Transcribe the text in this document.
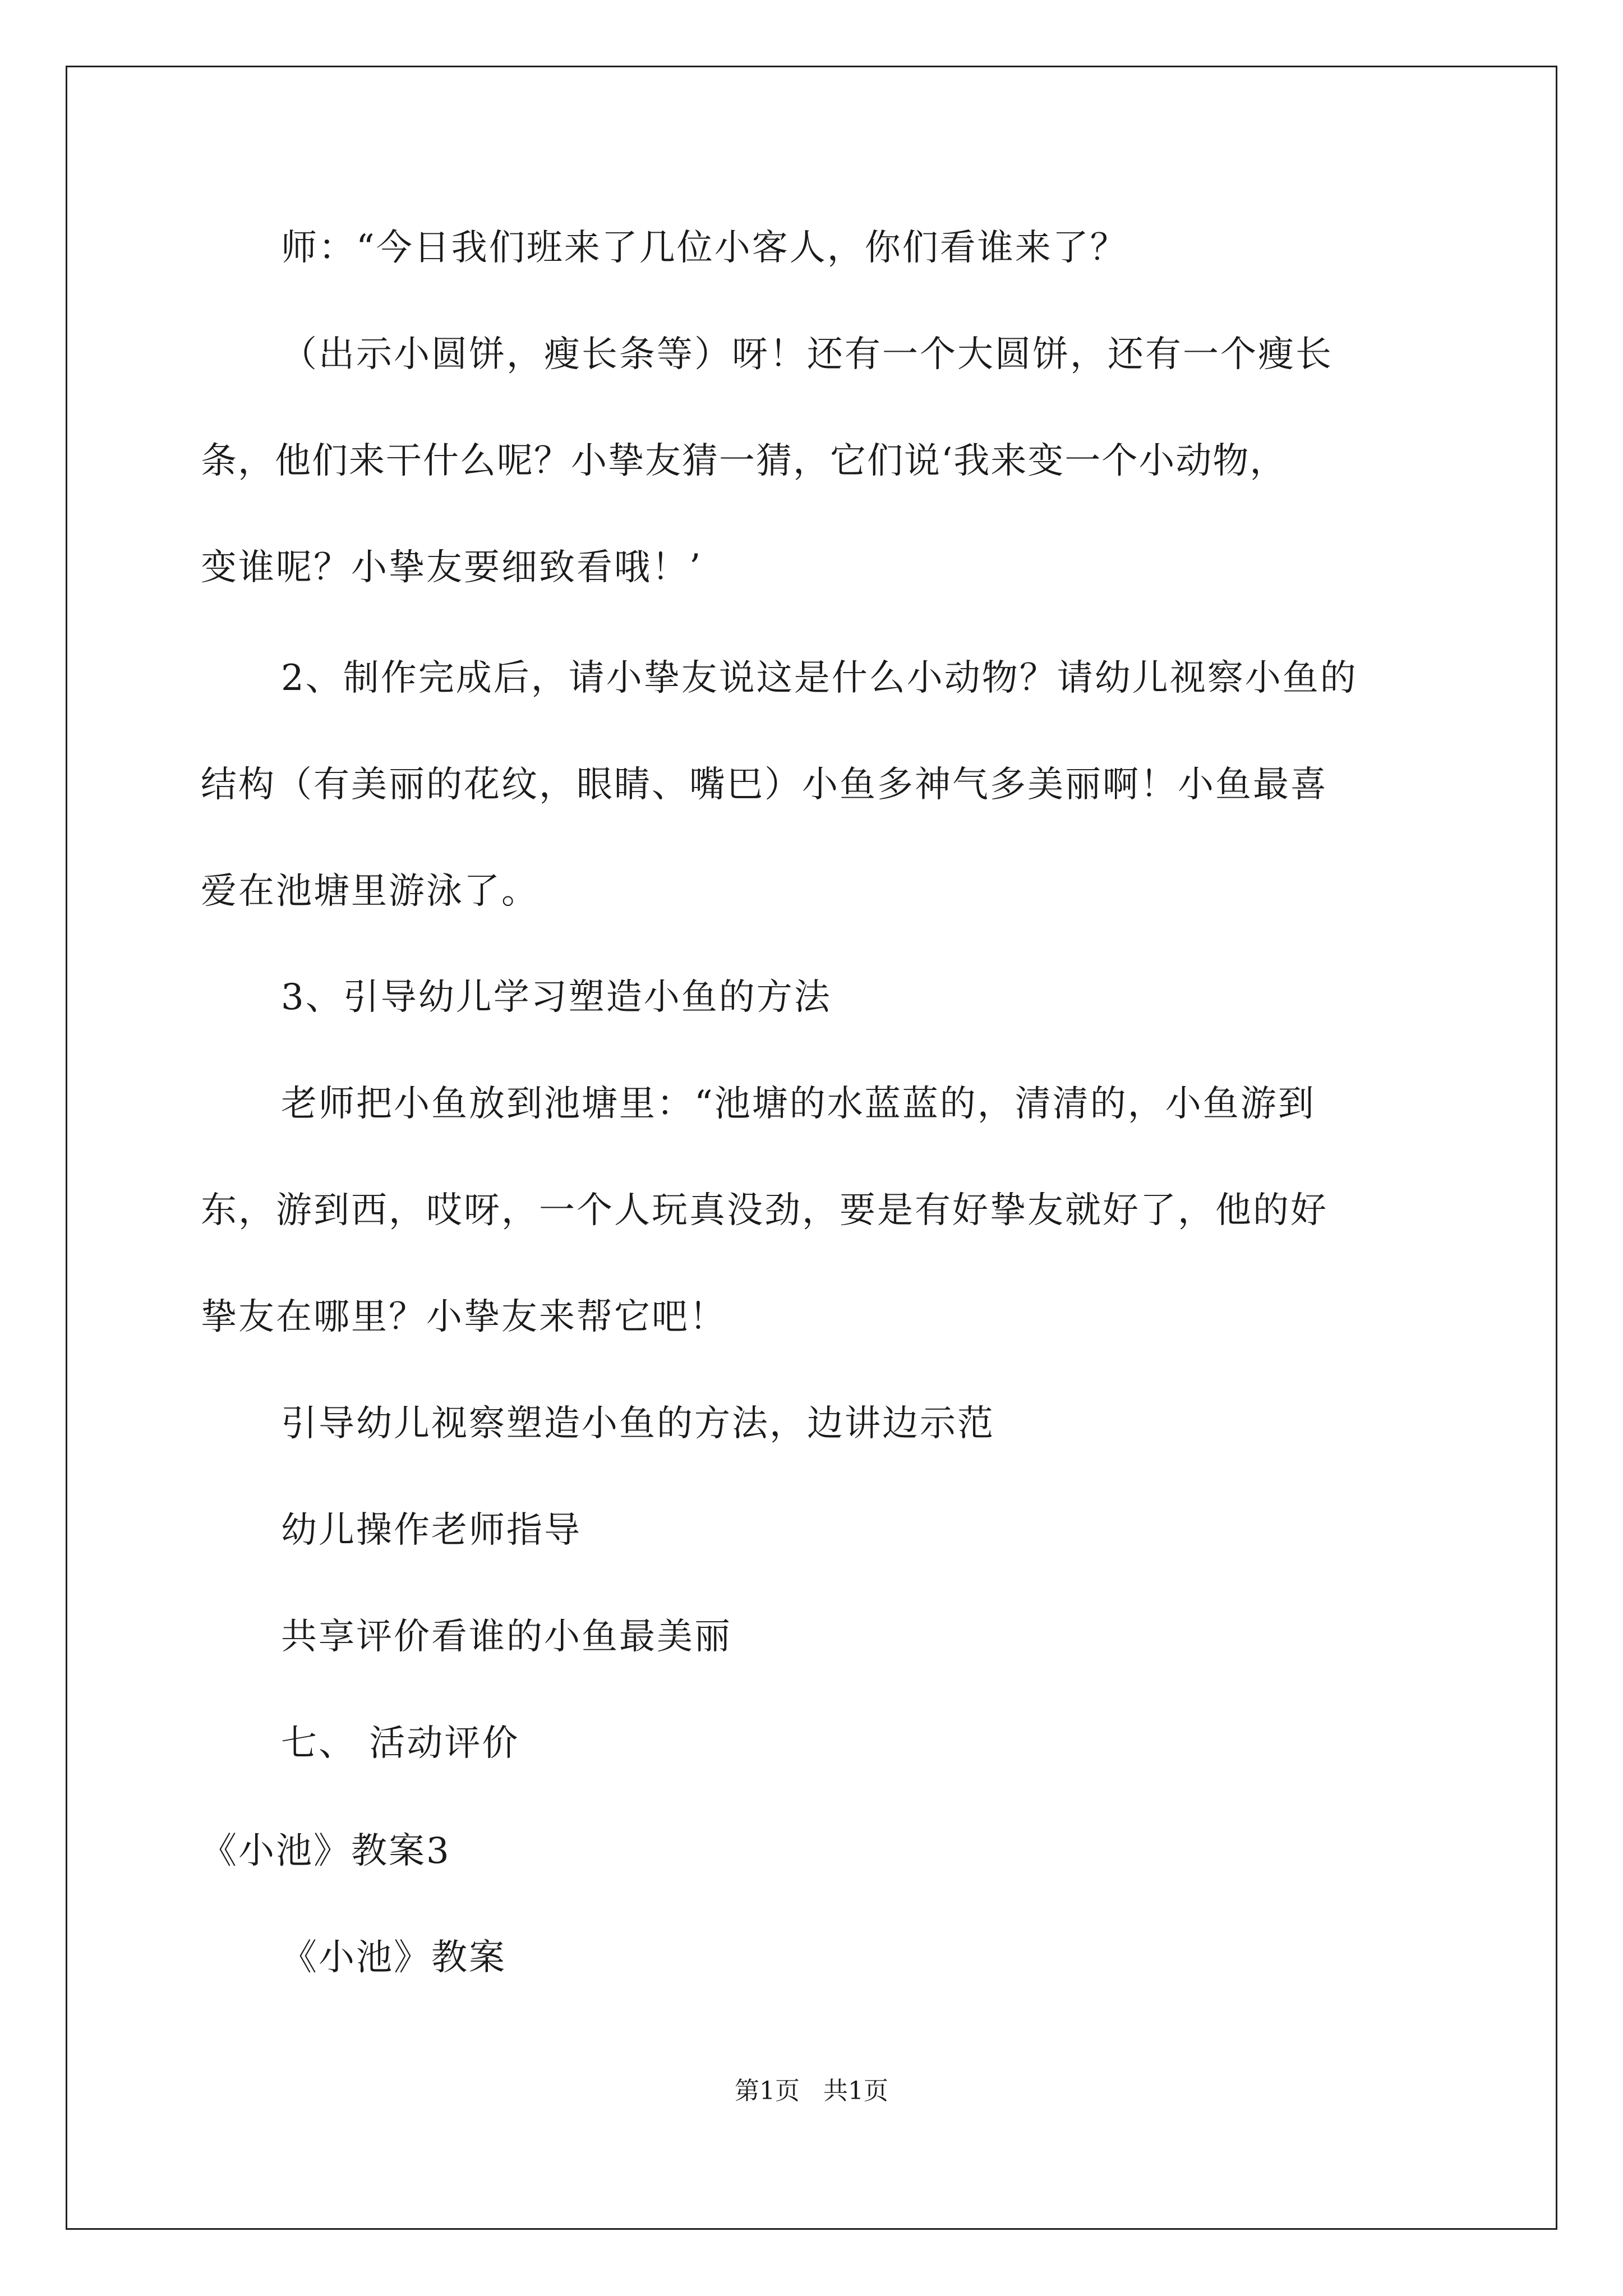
师：“今日我们班来了几位小客人，你们看谁来了？
（出示小圆饼，瘦长条等）呀！还有一个大圆饼，还有一个瘦长
条，他们来干什么呢？小挚友猜一猜，它们说‘我来变一个小动物，
变谁呢？小挚友要细致看哦！’
2、制作完成后，请小挚友说这是什么小动物？请幼儿视察小鱼的
结构（有美丽的花纹，眼睛、嘴巴）小鱼多神气多美丽啊！小鱼最喜
爱在池塘里游泳了。
3、引导幼儿学习塑造小鱼的方法
老师把小鱼放到池塘里：“池塘的水蓝蓝的，清清的，小鱼游到
东，游到西，哎呀，一个人玩真没劲，要是有好挚友就好了，他的好
挚友在哪里？小挚友来帮它吧！
引导幼儿视察塑造小鱼的方法，边讲边示范
幼儿操作老师指导
共享评价看谁的小鱼最美丽
七、 活动评价
《小池》教案3
《小池》教案
第1页 共1页
